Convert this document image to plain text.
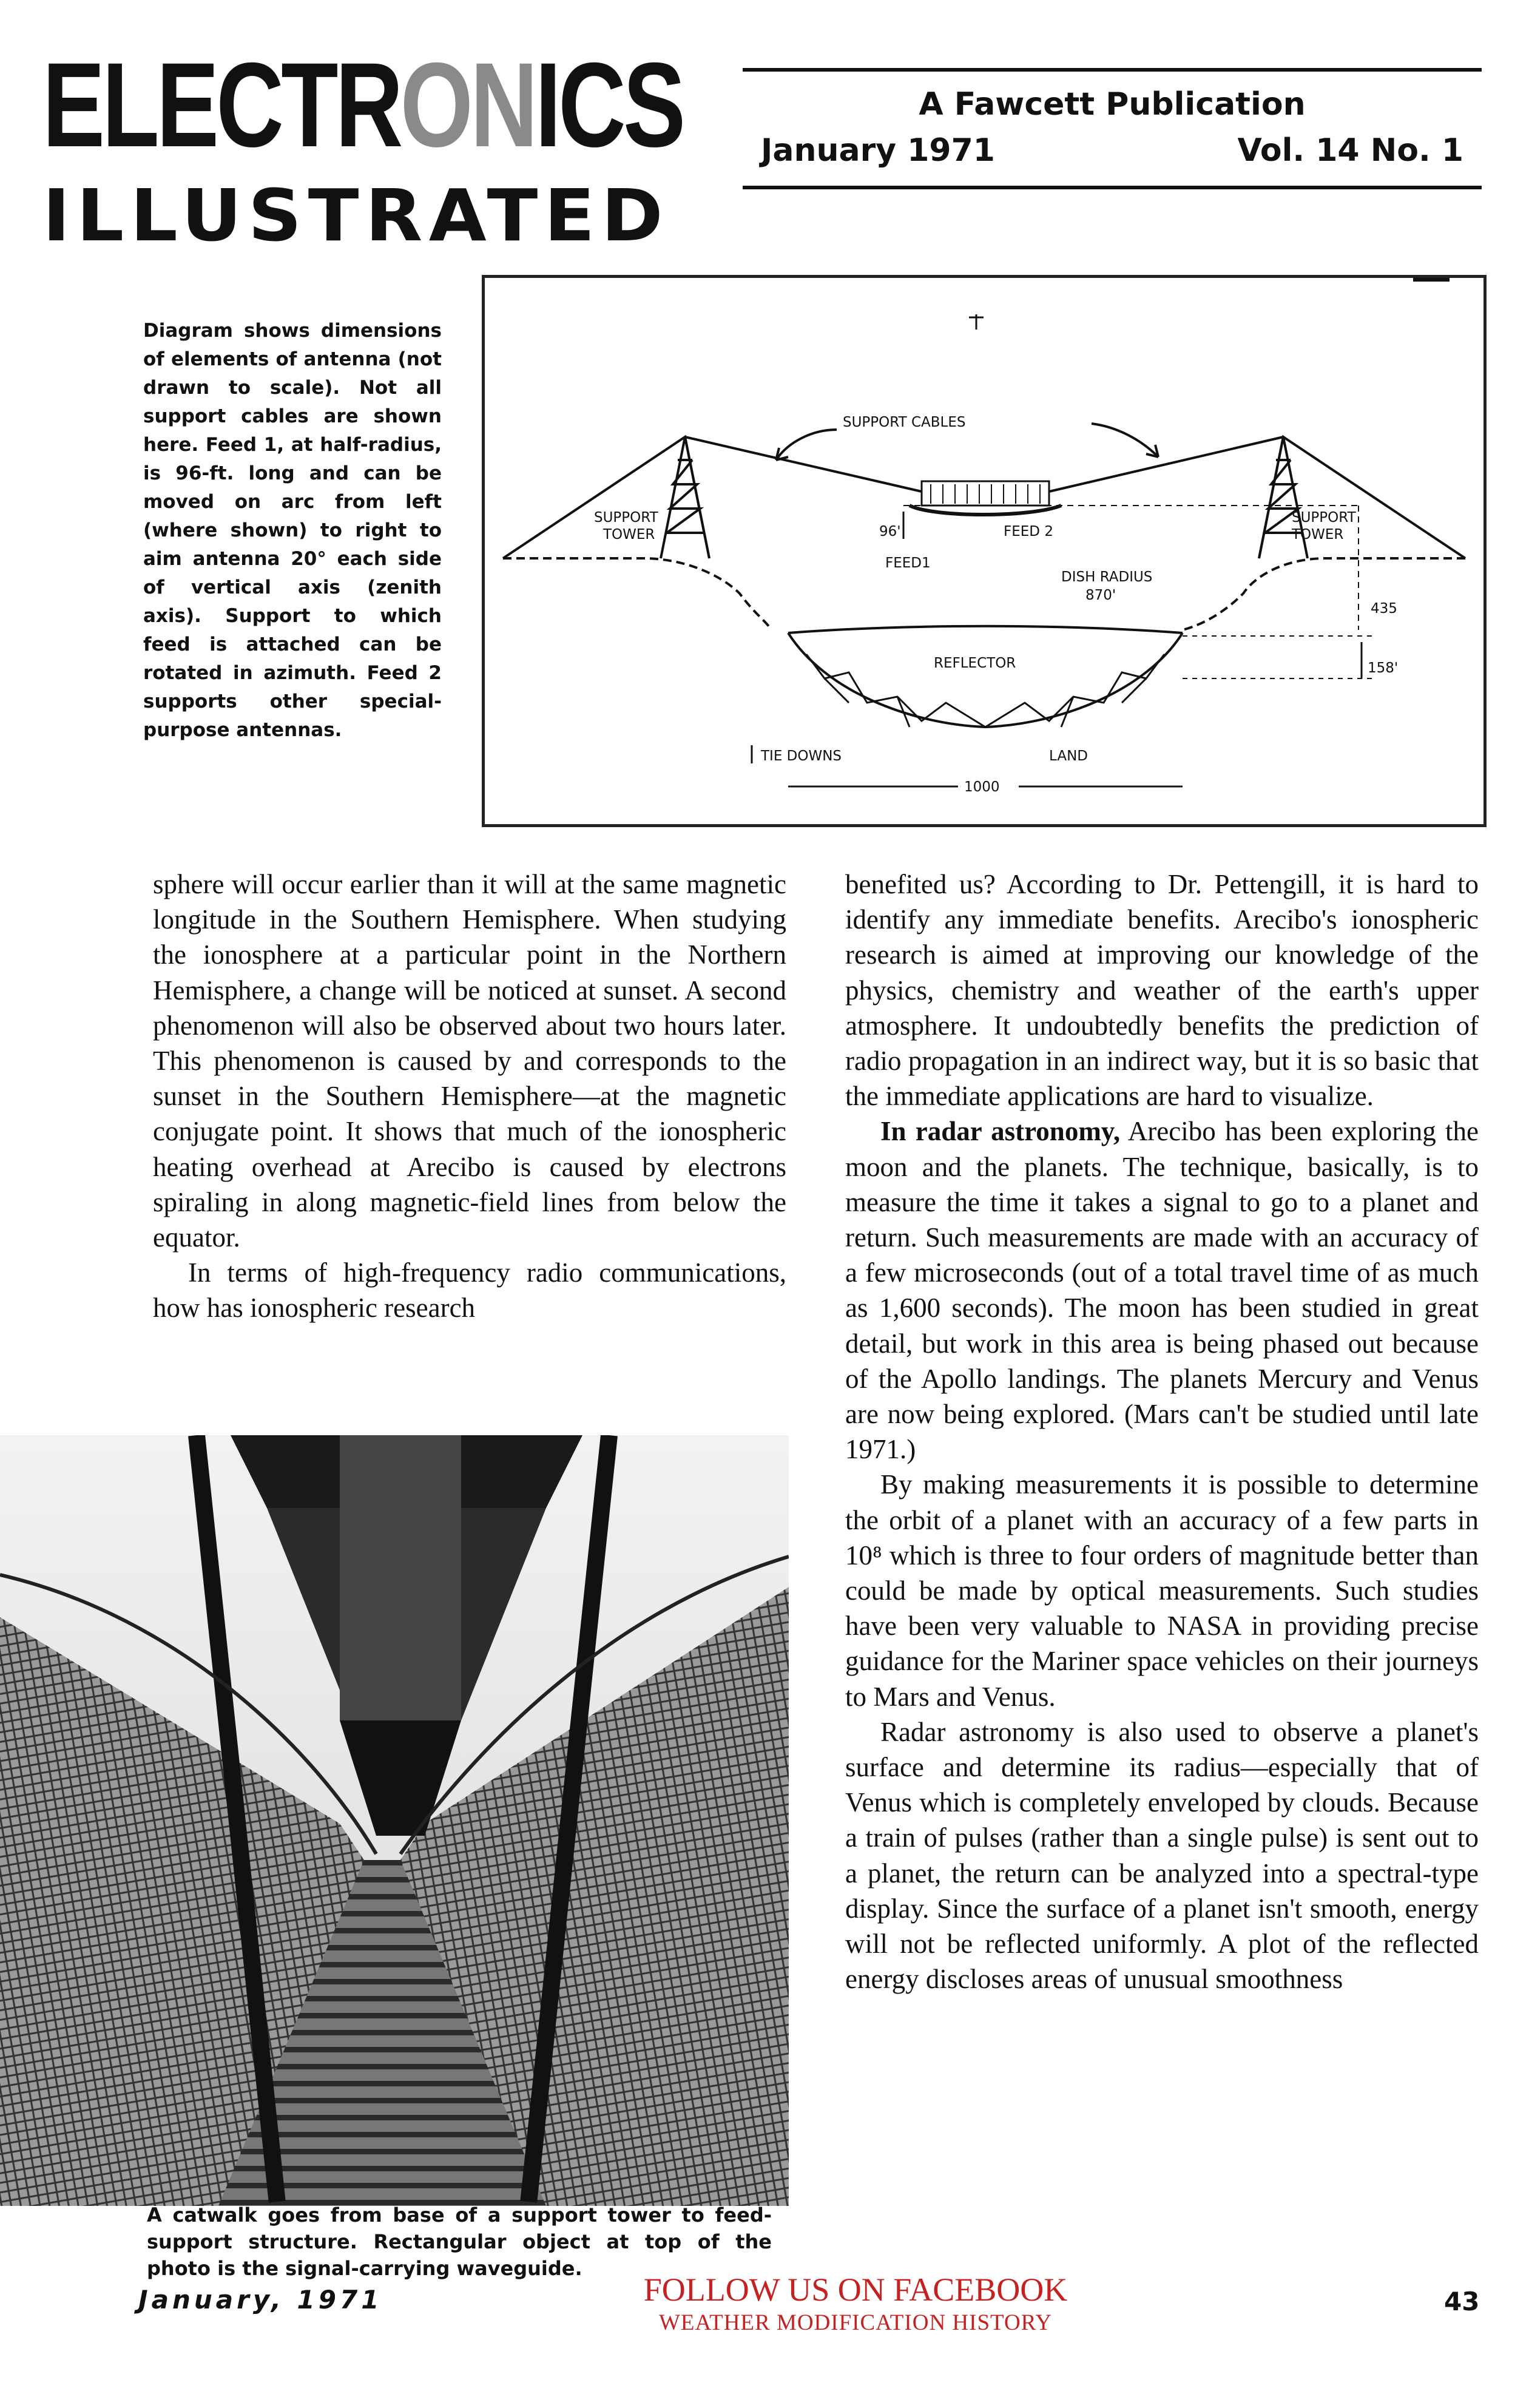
ELECTRONICS
ILLUSTRATED
A Fawcett Publication
January 1971	Vol. 14 No. 1
Diagram shows dimensions of elements of antenna (not drawn to scale). Not all support cables are shown here. Feed 1, at half-radius, is 96-ft. long and can be moved on arc from left (where shown) to right to aim antenna 20° each side of vertical axis (zenith axis). Support to which feed is attached can be rotated in azimuth. Feed 2 supports other special-purpose antennas.
SUPPORT CABLES
SUPPORT
TOWER
SUPPORT
TOWER
96'
FEED1
FEED 2
DISH RADIUS
870'
435
REFLECTOR	158'
TIE DOWNS	LAND
1000

sphere will occur earlier than it will at the same magnetic longitude in the Southern Hemisphere. When studying the ionosphere at a particular point in the Northern Hemisphere, a change will be noticed at sunset. A second phenomenon will also be observed about two hours later. This phenomenon is caused by and corresponds to the sunset in the Southern Hemisphere—at the magnetic conjugate point. It shows that much of the ionospheric heating overhead at Arecibo is caused by electrons spiraling in along magnetic-field lines from below the equator.

In terms of high-frequency radio communications, how has ionospheric research

A catwalk goes from base of a support tower to feed-support structure. Rectangular object at top of the photo is the signal-carrying waveguide.

benefited us? According to Dr. Pettengill, it is hard to identify any immediate benefits. Arecibo's ionospheric research is aimed at improving our knowledge of the physics, chemistry and weather of the earth's upper atmosphere. It undoubtedly benefits the prediction of radio propagation in an indirect way, but it is so basic that the immediate applications are hard to visualize.

In radar astronomy, Arecibo has been exploring the moon and the planets. The technique, basically, is to measure the time it takes a signal to go to a planet and return. Such measurements are made with an accuracy of a few microseconds (out of a total travel time of as much as 1,600 seconds). The moon has been studied in great detail, but work in this area is being phased out because of the Apollo landings. The planets Mercury and Venus are now being explored. (Mars can't be studied until late 1971.)

By making measurements it is possible to determine the orbit of a planet with an accuracy of a few parts in 10⁸ which is three to four orders of magnitude better than could be made by optical measurements. Such studies have been very valuable to NASA in providing precise guidance for the Mariner space vehicles on their journeys to Mars and Venus.

Radar astronomy is also used to observe a planet's surface and determine its radius—especially that of Venus which is completely enveloped by clouds. Because a train of pulses (rather than a single pulse) is sent out to a planet, the return can be analyzed into a spectral-type display. Since the surface of a planet isn't smooth, energy will not be reflected uniformly. A plot of the reflected energy discloses areas of unusual smoothness

January, 1971	FOLLOW US ON FACEBOOK
WEATHER MODIFICATION HISTORY
43
